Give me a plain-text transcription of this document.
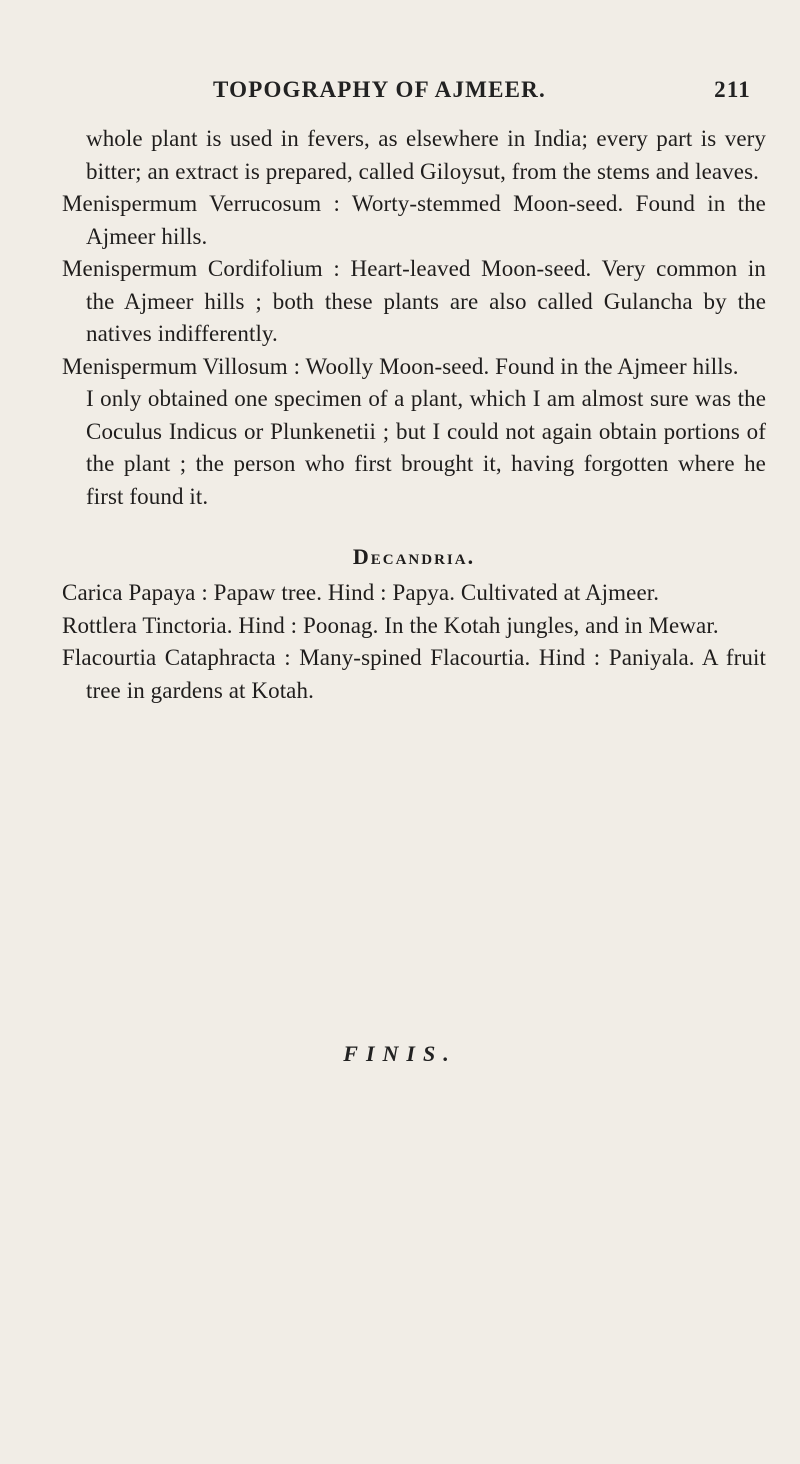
TOPOGRAPHY OF AJMEER.	211

whole plant is used in fevers, as elsewhere in India; every part is very bitter; an extract is prepared, called Giloysut, from the stems and leaves.

Menispermum Verrucosum : Worty-stemmed Moon-seed. Found in the Ajmeer hills.

Menispermum Cordifolium : Heart-leaved Moon-seed. Very common in the Ajmeer hills ; both these plants are also called Gulancha by the natives indifferently.

Menispermum Villosum : Woolly Moon-seed. Found in the Ajmeer hills.

I only obtained one specimen of a plant, which I am almost sure was the Coculus Indicus or Plunkenetii ; but I could not again obtain portions of the plant ; the person who first brought it, having forgotten where he first found it.

Decandria.

Carica Papaya : Papaw tree. Hind : Papya. Cultivated at Ajmeer.

Rottlera Tinctoria. Hind : Poonag. In the Kotah jungles, and in Mewar.

Flacourtia Cataphracta : Many-spined Flacourtia. Hind : Paniyala. A fruit tree in gardens at Kotah.

FINIS.
